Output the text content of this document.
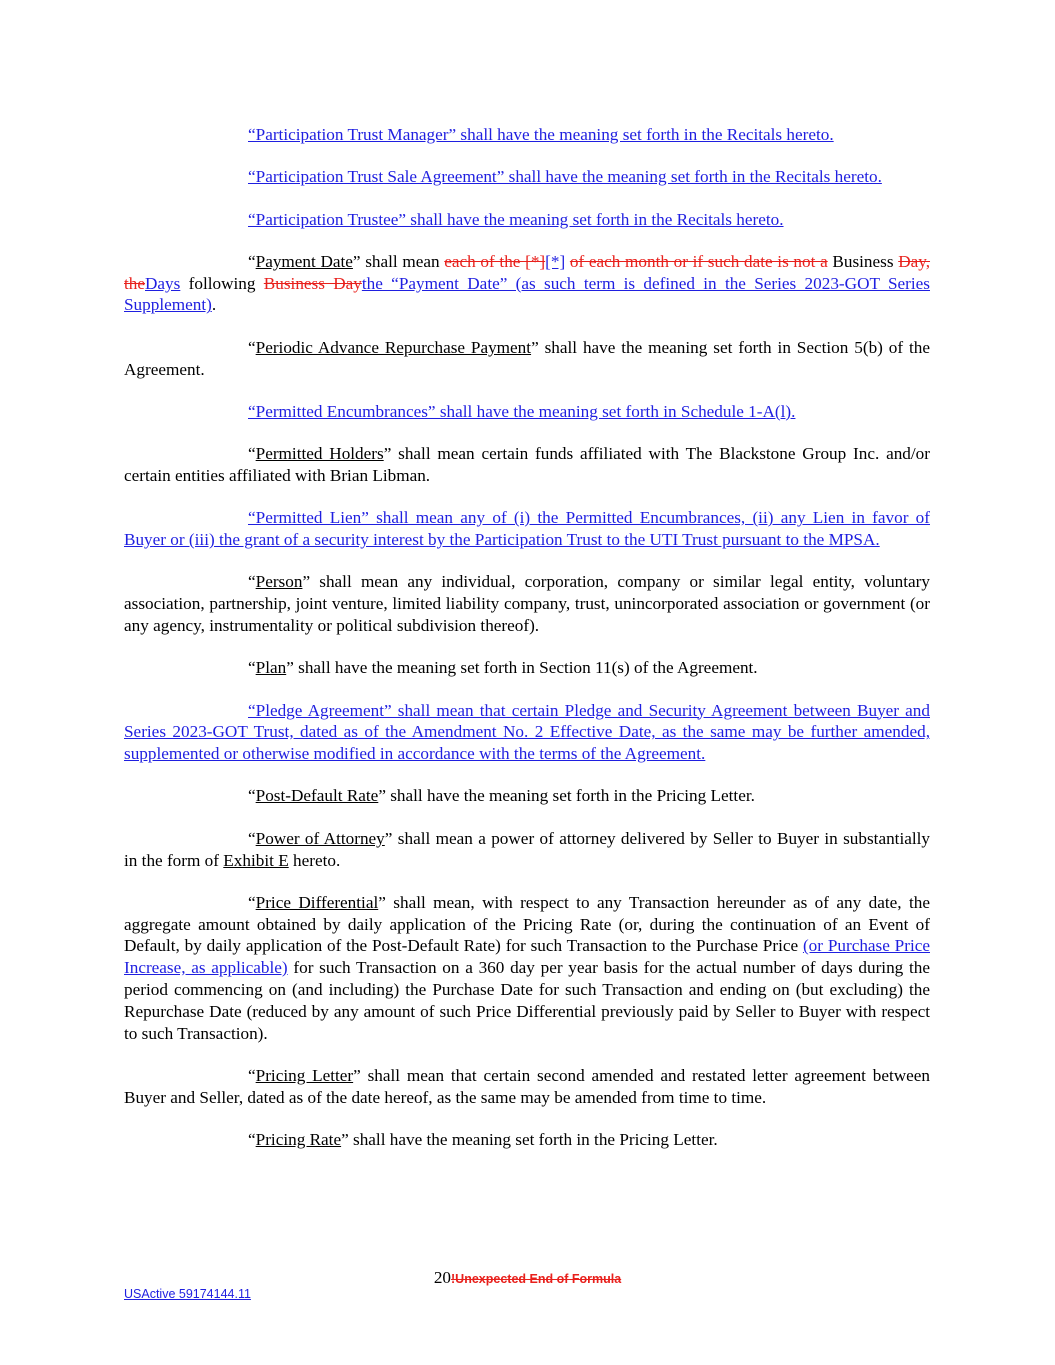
“Participation Trust Manager” shall have the meaning set forth in the Recitals hereto.

“Participation Trust Sale Agreement” shall have the meaning set forth in the Recitals hereto.

“Participation Trustee” shall have the meaning set forth in the Recitals hereto.

“Payment Date” shall mean each of the [*][*] of each month or if such date is not a Business Day, theDays following Business Daythe “Payment Date” (as such term is defined in the Series 2023-GOT Series Supplement).

“Periodic Advance Repurchase Payment” shall have the meaning set forth in Section 5(b) of the Agreement.

“Permitted Encumbrances” shall have the meaning set forth in Schedule 1-A(l).

“Permitted Holders” shall mean certain funds affiliated with The Blackstone Group Inc. and/or certain entities affiliated with Brian Libman.

“Permitted Lien” shall mean any of (i) the Permitted Encumbrances, (ii) any Lien in favor of Buyer or (iii) the grant of a security interest by the Participation Trust to the UTI Trust pursuant to the MPSA.

“Person” shall mean any individual, corporation, company or similar legal entity, voluntary association, partnership, joint venture, limited liability company, trust, unincorporated association or government (or any agency, instrumentality or political subdivision thereof).

“Plan” shall have the meaning set forth in Section 11(s) of the Agreement.

“Pledge Agreement” shall mean that certain Pledge and Security Agreement between Buyer and Series 2023-GOT Trust, dated as of the Amendment No. 2 Effective Date, as the same may be further amended, supplemented or otherwise modified in accordance with the terms of the Agreement.

“Post-Default Rate” shall have the meaning set forth in the Pricing Letter.

“Power of Attorney” shall mean a power of attorney delivered by Seller to Buyer in substantially in the form of Exhibit E hereto.

“Price Differential” shall mean, with respect to any Transaction hereunder as of any date, the aggregate amount obtained by daily application of the Pricing Rate (or, during the continuation of an Event of Default, by daily application of the Post-Default Rate) for such Transaction to the Purchase Price (or Purchase Price Increase, as applicable) for such Transaction on a 360 day per year basis for the actual number of days during the period commencing on (and including) the Purchase Date for such Transaction and ending on (but excluding) the Repurchase Date (reduced by any amount of such Price Differential previously paid by Seller to Buyer with respect to such Transaction).

“Pricing Letter” shall mean that certain second amended and restated letter agreement between Buyer and Seller, dated as of the date hereof, as the same may be amended from time to time.

“Pricing Rate” shall have the meaning set forth in the Pricing Letter.

20!Unexpected End of Formula
USActive 59174144.11
